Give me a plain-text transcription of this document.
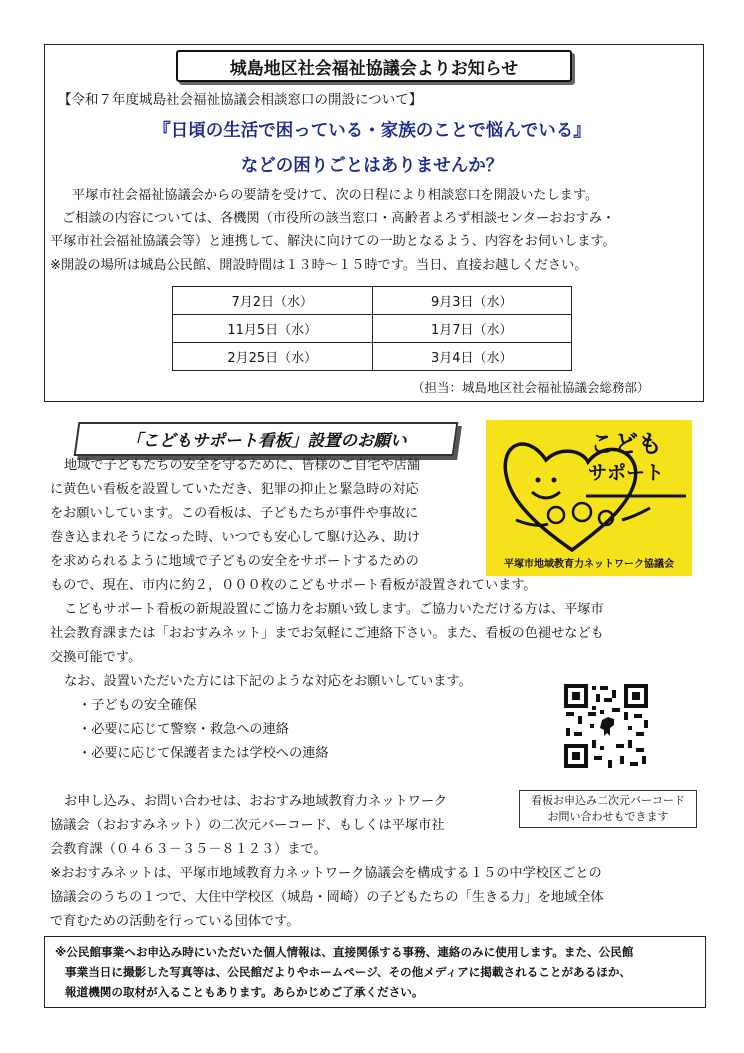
城島地区社会福祉協議会よりお知らせ
【令和７年度城島社会福祉協議会相談窓口の開設について】
『日頃の生活で困っている・家族のことで悩んでいる』
などの困りごとはありませんか？
平塚市社会福祉協議会からの要請を受けて、次の日程により相談窓口を開設いたします。
ご相談の内容については、各機関（市役所の該当窓口・高齢者よろず相談センターおおすみ・
平塚市社会福祉協議会等）と連携して、解決に向けての一助となるよう、内容をお伺いします。
※開設の場所は城島公民館、開設時間は１３時～１５時です。当日、直接お越しください。
7月2日（水）	9月3日（水）
11月5日（水）	1月7日（水）
2月25日（水）	3月4日（水）
（担当：城島地区社会福祉協議会総務部）
「こどもサポート看板」設置のお願い	こども
サポート
平塚市地域教育力ネットワーク協議会
地域で子どもたちの安全を守るために、皆様のご自宅や店舗
に黄色い看板を設置していただき、犯罪の抑止と緊急時の対応
をお願いしています。この看板は、子どもたちが事件や事故に
巻き込まれそうになった時、いつでも安心して駆け込み、助け
を求められるように地域で子どもの安全をサポートするための
もので、現在、市内に約２，０００枚のこどもサポート看板が設置されています。
こどもサポート看板の新規設置にご協力をお願い致します。ご協力いただける方は、平塚市
社会教育課または「おおすみネット」までお気軽にご連絡下さい。また、看板の色褪せなども
交換可能です。
なお、設置いただいた方には下記のような対応をお願いしています。
・子どもの安全確保
・必要に応じて警察・救急への連絡
・必要に応じて保護者または学校への連絡
看板お申込み二次元バーコード
お問い合わせもできます
お申し込み、お問い合わせは、おおすみ地域教育力ネットワーク
協議会（おおすみネット）の二次元バーコード、もしくは平塚市社
会教育課（０４６３－３５－８１２３）まで。
※おおすみネットは、平塚市地域教育力ネットワーク協議会を構成する１５の中学校区ごとの
協議会のうちの１つで、大住中学校区（城島・岡崎）の子どもたちの「生きる力」を地域全体
で育むための活動を行っている団体です。
※公民館事業へお申込み時にいただいた個人情報は、直接関係する事務、連絡のみに使用します。また、公民館
事業当日に撮影した写真等は、公民館だよりやホームページ、その他メディアに掲載されることがあるほか、
報道機関の取材が入ることもあります。あらかじめご了承ください。
